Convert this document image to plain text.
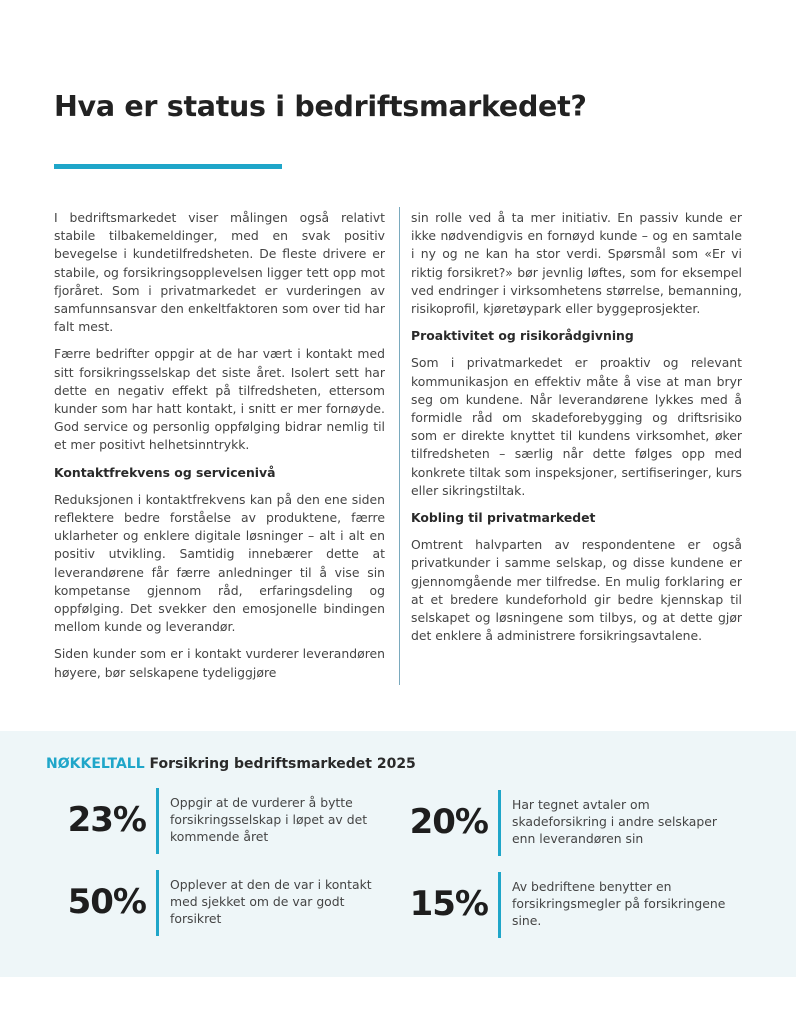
Hva er status i bedriftsmarkedet?

I bedriftsmarkedet viser målingen også relativt stabile tilbakemeldinger, med en svak positiv bevegelse i kundetilfredsheten. De fleste drivere er stabile, og forsikringsopplevelsen ligger tett opp mot fjoråret. Som i privatmarkedet er vurderingen av samfunnsansvar den enkeltfaktoren som over tid har falt mest.

Færre bedrifter oppgir at de har vært i kontakt med sitt forsikringsselskap det siste året. Isolert sett har dette en negativ effekt på tilfredsheten, ettersom kunder som har hatt kontakt, i snitt er mer fornøyde. God service og personlig oppfølging bidrar nemlig til et mer positivt helhetsinntrykk.

Kontaktfrekvens og servicenivå

Reduksjonen i kontaktfrekvens kan på den ene siden reflektere bedre forståelse av produktene, færre uklarheter og enklere digitale løsninger – alt i alt en positiv utvikling. Samtidig innebærer dette at leverandørene får færre anledninger til å vise sin kompetanse gjennom råd, erfaringsdeling og oppfølging. Det svekker den emosjonelle bindingen mellom kunde og leverandør.

Siden kunder som er i kontakt vurderer leverandøren høyere, bør selskapene tydeliggjøre

sin rolle ved å ta mer initiativ. En passiv kunde er ikke nødvendigvis en fornøyd kunde – og en samtale i ny og ne kan ha stor verdi. Spørsmål som «Er vi riktig forsikret?» bør jevnlig løftes, som for eksempel ved endringer i virksomhetens størrelse, bemanning, risikoprofil, kjøretøypark eller byggeprosjekter.

Proaktivitet og risikorådgivning

Som i privatmarkedet er proaktiv og relevant kommunikasjon en effektiv måte å vise at man bryr seg om kundene. Når leverandørene lykkes med å formidle råd om skadeforebygging og driftsrisiko som er direkte knyttet til kundens virksomhet, øker tilfredsheten – særlig når dette følges opp med konkrete tiltak som inspeksjoner, sertifiseringer, kurs eller sikringstiltak.

Kobling til privatmarkedet

Omtrent halvparten av respondentene er også privatkunder i samme selskap, og disse kundene er gjennomgående mer tilfredse. En mulig forklaring er at et bredere kundeforhold gir bedre kjennskap til selskapet og løsningene som tilbys, og at dette gjør det enklere å administrere forsikringsavtalene.

NØKKELTALL Forsikring bedriftsmarkedet 2025
23% Oppgir at de vurderer å bytte forsikringsselskap i løpet av det kommende året	20% Har tegnet avtaler om skadeforsikring i andre selskaper enn leverandøren sin
50% Opplever at den de var i kontakt med sjekket om de var godt forsikret	15% Av bedriftene benytter en forsikringsmegler på forsikringene sine.
